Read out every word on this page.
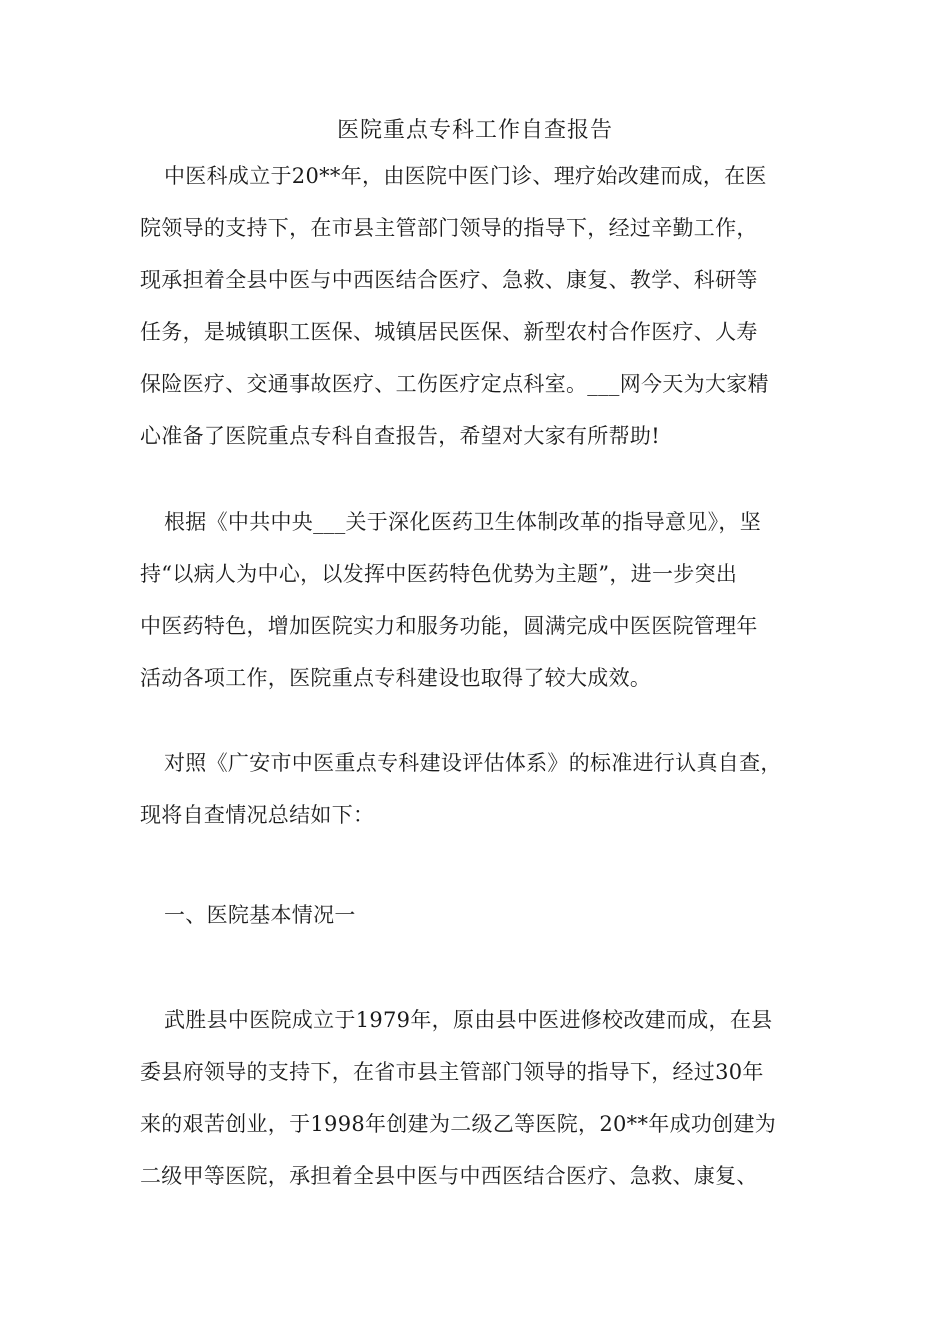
医院重点专科工作自查报告
中医科成立于20**年，由医院中医门诊、理疗始改建而成，在医
院领导的支持下，在市县主管部门领导的指导下，经过辛勤工作，
现承担着全县中医与中西医结合医疗、急救、康复、教学、科研等
任务，是城镇职工医保、城镇居民医保、新型农村合作医疗、人寿
保险医疗、交通事故医疗、工伤医疗定点科室。___网今天为大家精
心准备了医院重点专科自查报告，希望对大家有所帮助!
根据《中共中央___关于深化医药卫生体制改革的指导意见》，坚
持“以病人为中心，以发挥中医药特色优势为主题”，进一步突出
中医药特色，增加医院实力和服务功能，圆满完成中医医院管理年
活动各项工作，医院重点专科建设也取得了较大成效。
对照《广安市中医重点专科建设评估体系》的标准进行认真自查，
现将自查情况总结如下：
一、医院基本情况一
武胜县中医院成立于1979年，原由县中医进修校改建而成，在县
委县府领导的支持下，在省市县主管部门领导的指导下，经过30年
来的艰苦创业，于1998年创建为二级乙等医院，20**年成功创建为
二级甲等医院，承担着全县中医与中西医结合医疗、急救、康复、
